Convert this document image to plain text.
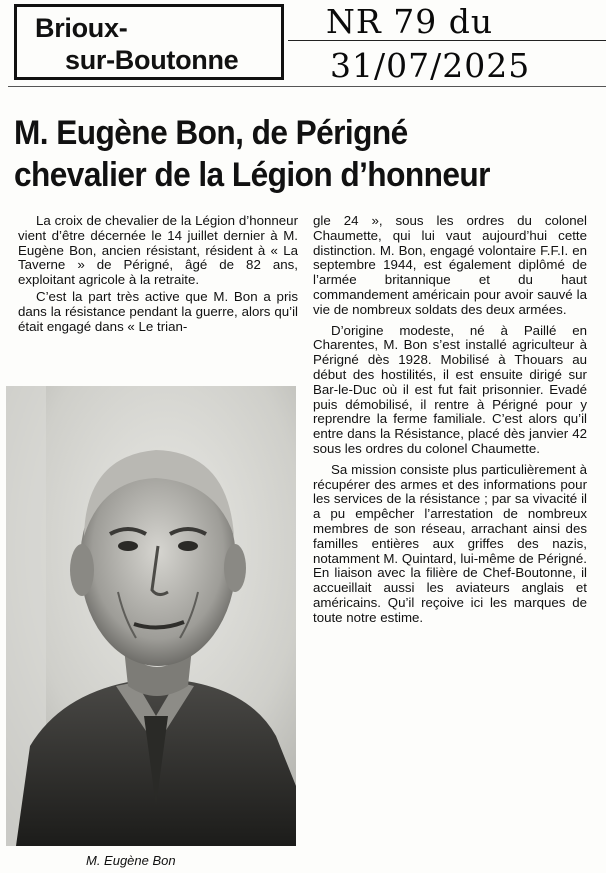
Brioux-
sur-Boutonne
NR 79 du
31/07/2025
M. Eugène Bon, de Périgné
chevalier de la Légion d’honneur

La croix de chevalier de la Légion d’honneur vient d’être décernée le 14 juillet dernier à M. Eugène Bon, ancien résistant, résident à « La Taverne » de Périgné, âgé de 82 ans, exploitant agricole à la retraite.

C’est la part très active que M. Bon a pris dans la résistance pendant la guerre, alors qu’il était engagé dans « Le trian-

gle 24 », sous les ordres du colonel Chaumette, qui lui vaut aujourd’hui cette distinction. M. Bon, engagé volontaire F.F.I. en septembre 1944, est également diplômé de l’armée britannique et du haut commandement américain pour avoir sauvé la vie de nombreux soldats des deux armées.

D’origine modeste, né à Paillé en Charentes, M. Bon s’est installé agriculteur à Périgné dès 1928. Mobilisé à Thouars au début des hostilités, il est ensuite dirigé sur Bar-le-Duc où il est fut fait prisonnier. Evadé puis démobilisé, il rentre à Périgné pour y reprendre la ferme familiale. C’est alors qu’il entre dans la Résistance, placé dès janvier 42 sous les ordres du colonel Chaumette.

Sa mission consiste plus particulièrement à récupérer des armes et des informations pour les services de la résistance ; par sa vivacité il a pu empêcher l’arrestation de nombreux membres de son réseau, arrachant ainsi des familles entières aux griffes des nazis, notamment M. Quintard, lui-même de Périgné. En liaison avec la filière de Chef-Boutonne, il accueillait aussi les aviateurs anglais et américains. Qu’il reçoive ici les marques de toute notre estime.

M. Eugène Bon
